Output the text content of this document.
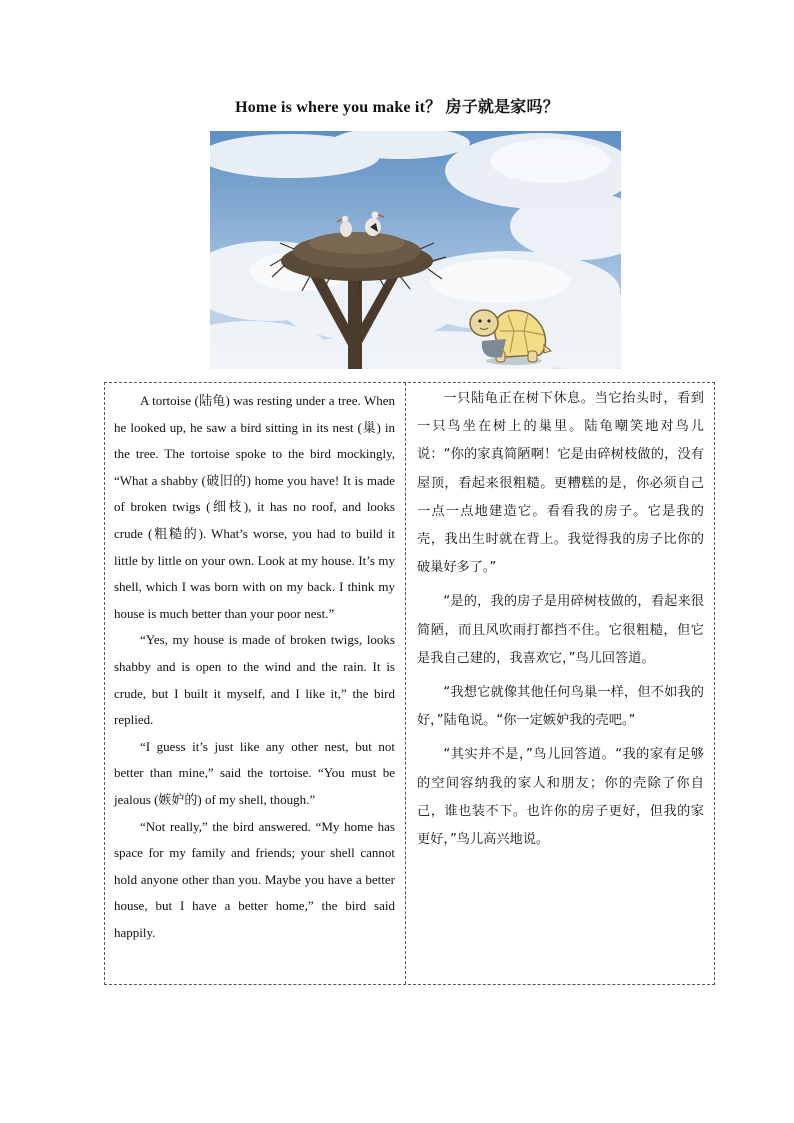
Home is where you make it？ 房子就是家吗？

A tortoise (陆龟) was resting under a tree. When he looked up, he saw a bird sitting in its nest (巢) in the tree. The tortoise spoke to the bird mockingly, “What a shabby (破旧的) home you have! It is made of broken twigs (细枝), it has no roof, and looks crude (粗糙的). What’s worse, you had to build it little by little on your own. Look at my house. It’s my shell, which I was born with on my back. I think my house is much better than your poor nest.”

“Yes, my house is made of broken twigs, looks shabby and is open to the wind and the rain. It is crude, but I built it myself, and I like it,” the bird replied.

“I guess it’s just like any other nest, but not better than mine,” said the tortoise. “You must be jealous (嫉妒的) of my shell, though.”

“Not really,” the bird answered. “My home has space for my family and friends; your shell cannot hold anyone other than you. Maybe you have a better house, but I have a better home,” the bird said happily.

一只陆龟正在树下休息。当它抬头时，看到一只鸟坐在树上的巢里。陆龟嘲笑地对鸟儿说：“你的家真简陋啊！它是由碎树枝做的，没有屋顶，看起来很粗糙。更糟糕的是，你必须自己一点一点地建造它。看看我的房子。它是我的壳，我出生时就在背上。我觉得我的房子比你的破巢好多了。”

“是的，我的房子是用碎树枝做的，看起来很简陋，而且风吹雨打都挡不住。它很粗糙，但它是我自己建的，我喜欢它，”鸟儿回答道。

“我想它就像其他任何鸟巢一样，但不如我的好，”陆龟说。“你一定嫉妒我的壳吧。”

“其实并不是，”鸟儿回答道。“我的家有足够的空间容纳我的家人和朋友；你的壳除了你自己，谁也装不下。也许你的房子更好，但我的家更好，”鸟儿高兴地说。
